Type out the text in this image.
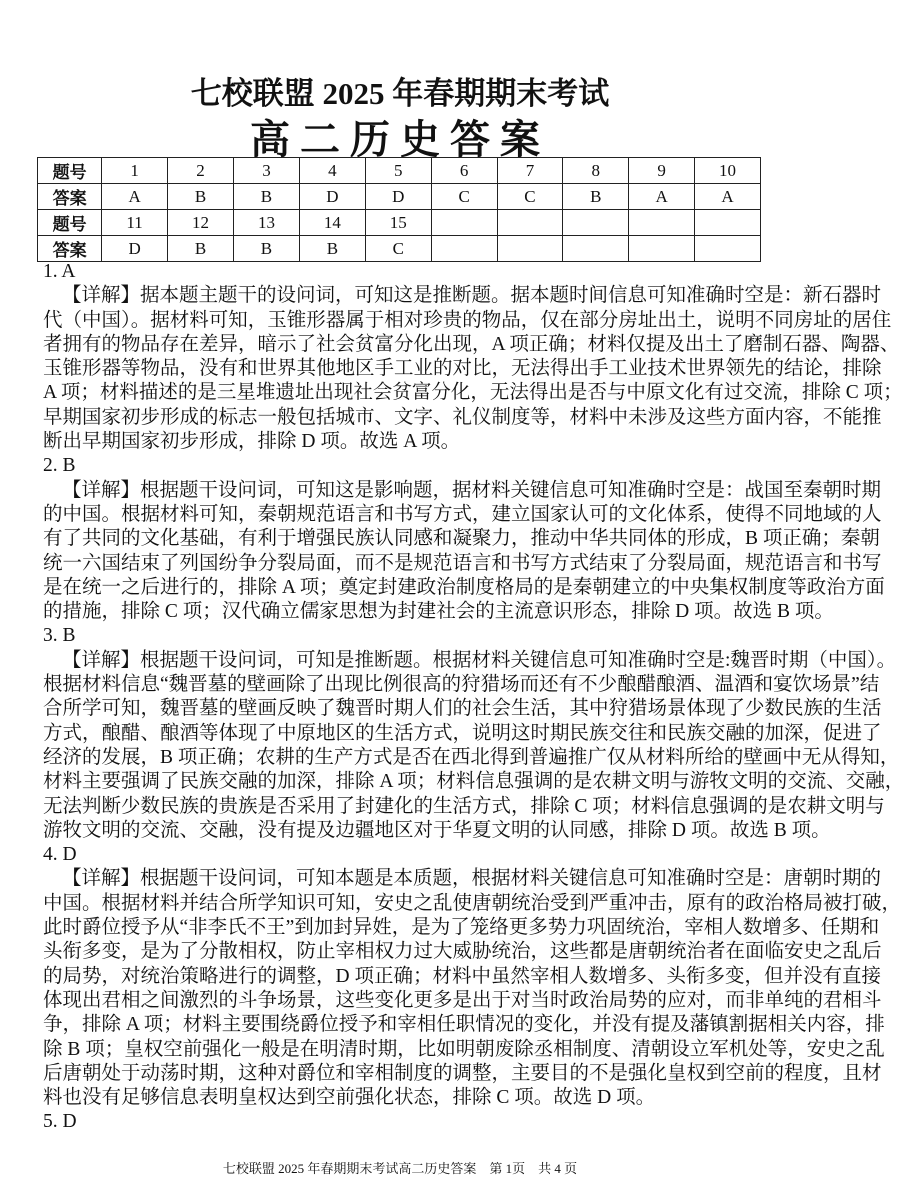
七校联盟 2025 年春期期末考试
高二历史答案
题号	1	2	3	4	5	6	7	8	9	10
答案	A	B	B	D	D	C	C	B	A	A
题号	11	12	13	14	15					
答案	D	B	B	B	C					
1. A
【详解】据本题主题干的设问词，可知这是推断题。据本题时间信息可知准确时空是：新石器时
代（中国）。据材料可知，玉锥形器属于相对珍贵的物品，仅在部分房址出土，说明不同房址的居住
者拥有的物品存在差异，暗示了社会贫富分化出现，A 项正确；材料仅提及出土了磨制石器、陶器、
玉锥形器等物品，没有和世界其他地区手工业的对比，无法得出手工业技术世界领先的结论，排除
A 项；材料描述的是三星堆遗址出现社会贫富分化，无法得出是否与中原文化有过交流，排除 C 项；
早期国家初步形成的标志一般包括城市、文字、礼仪制度等，材料中未涉及这些方面内容，不能推
断出早期国家初步形成，排除 D 项。故选 A 项。
2. B
【详解】根据题干设问词，可知这是影响题，据材料关键信息可知准确时空是：战国至秦朝时期
的中国。根据材料可知，秦朝规范语言和书写方式，建立国家认可的文化体系，使得不同地域的人
有了共同的文化基础，有利于增强民族认同感和凝聚力，推动中华共同体的形成，B 项正确；秦朝
统一六国结束了列国纷争分裂局面，而不是规范语言和书写方式结束了分裂局面，规范语言和书写
是在统一之后进行的，排除 A 项；奠定封建政治制度格局的是秦朝建立的中央集权制度等政治方面
的措施，排除 C 项；汉代确立儒家思想为封建社会的主流意识形态，排除 D 项。故选 B 项。
3. B
【详解】根据题干设问词，可知是推断题。根据材料关键信息可知准确时空是:魏晋时期（中国）。
根据材料信息“魏晋墓的壁画除了出现比例很高的狩猎场而还有不少酿醋酿酒、温酒和宴饮场景”结
合所学可知，魏晋墓的壁画反映了魏晋时期人们的社会生活，其中狩猎场景体现了少数民族的生活
方式，酿醋、酿酒等体现了中原地区的生活方式，说明这时期民族交往和民族交融的加深，促进了
经济的发展，B 项正确；农耕的生产方式是否在西北得到普遍推广仅从材料所给的壁画中无从得知，
材料主要强调了民族交融的加深，排除 A 项；材料信息强调的是农耕文明与游牧文明的交流、交融，
无法判断少数民族的贵族是否采用了封建化的生活方式，排除 C 项；材料信息强调的是农耕文明与
游牧文明的交流、交融，没有提及边疆地区对于华夏文明的认同感，排除 D 项。故选 B 项。
4. D
【详解】根据题干设问词，可知本题是本质题，根据材料关键信息可知准确时空是：唐朝时期的
中国。根据材料并结合所学知识可知，安史之乱使唐朝统治受到严重冲击，原有的政治格局被打破，
此时爵位授予从“非李氏不王”到加封异姓，是为了笼络更多势力巩固统治，宰相人数增多、任期和
头衔多变，是为了分散相权，防止宰相权力过大威胁统治，这些都是唐朝统治者在面临安史之乱后
的局势，对统治策略进行的调整，D 项正确；材料中虽然宰相人数增多、头衔多变，但并没有直接
体现出君相之间激烈的斗争场景，这些变化更多是出于对当时政治局势的应对，而非单纯的君相斗
争，排除 A 项；材料主要围绕爵位授予和宰相任职情况的变化，并没有提及藩镇割据相关内容，排
除 B 项；皇权空前强化一般是在明清时期，比如明朝废除丞相制度、清朝设立军机处等，安史之乱
后唐朝处于动荡时期，这种对爵位和宰相制度的调整，主要目的不是强化皇权到空前的程度，且材
料也没有足够信息表明皇权达到空前强化状态，排除 C 项。故选 D 项。
5. D
七校联盟 2025 年春期期末考试高二历史答案　第 1页　共 4 页
